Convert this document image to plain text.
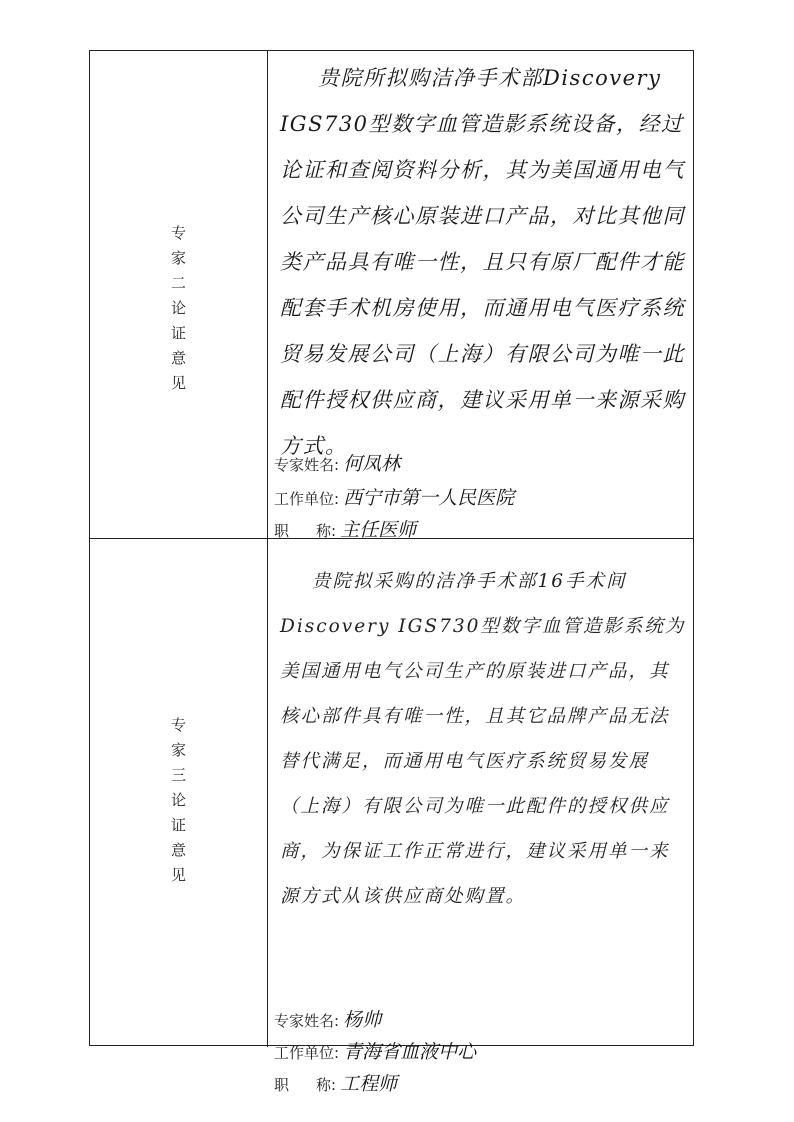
专
家
二
论
证
意
见

贵院所拟购洁净手术部Discovery IGS730型数字血管造影系统设备，经过论证和查阅资料分析，其为美国通用电气公司生产核心原装进口产品，对比其他同类产品具有唯一性，且只有原厂配件才能配套手术机房使用，而通用电气医疗系统贸易发展公司（上海）有限公司为唯一此配件授权供应商，建议采用单一来源采购方式。

专家姓名: 何凤林
工作单位: 西宁市第一人民医院
职 称: 主任医师
专
家
三
论
证
意
见

贵院拟采购的洁净手术部16手术间Discovery IGS730型数字血管造影系统为美国通用电气公司生产的原装进口产品，其核心部件具有唯一性，且其它品牌产品无法替代满足，而通用电气医疗系统贸易发展（上海）有限公司为唯一此配件的授权供应商，为保证工作正常进行，建议采用单一来源方式从该供应商处购置。

专家姓名: 杨帅
工作单位: 青海省血液中心
职 称: 工程师
